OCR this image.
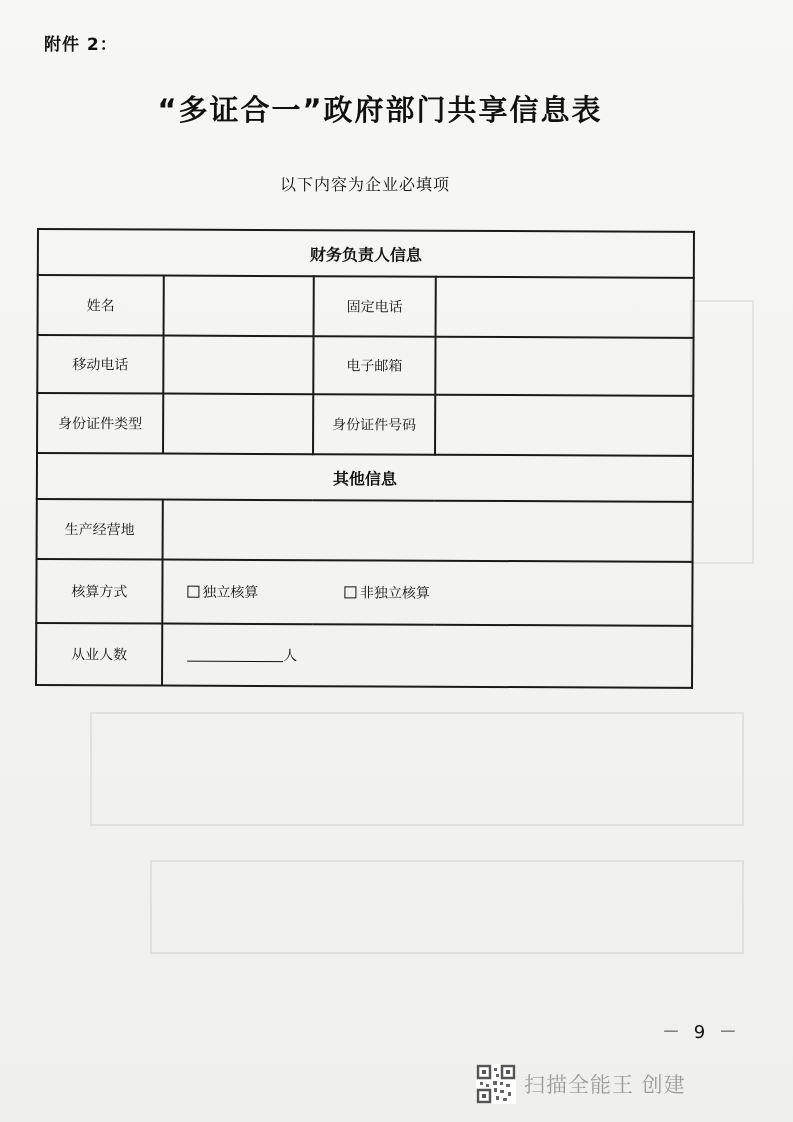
附件 2：
“多证合一”政府部门共享信息表
以下内容为企业必填项
财务负责人信息			
姓名		固定电话	
移动电话		电子邮箱	
身份证件类型		身份证件号码	
其他信息			
生产经营地			
核算方式	独立核算 非独立核算		
从业人数	人		
－ 9 －
扫描全能王 创建
